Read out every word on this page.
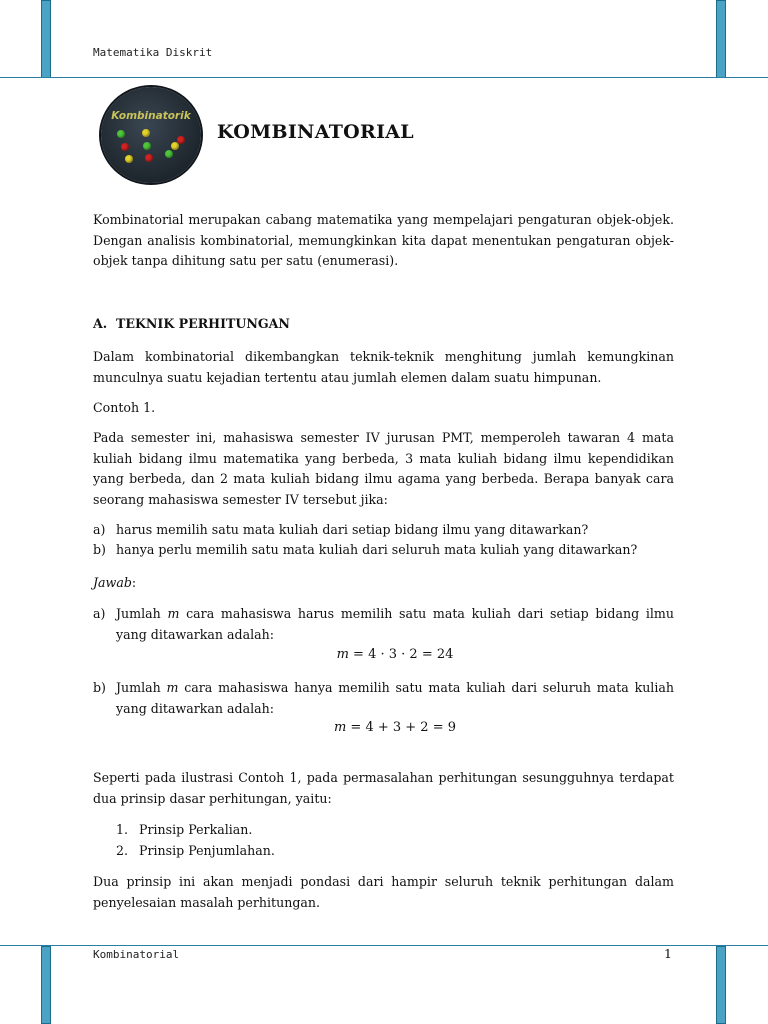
Matematika Diskrit
Kombinatorik
KOMBINATORIAL

Kombinatorial merupakan cabang matematika yang mempelajari pengaturan objek-objek. Dengan analisis kombinatorial, memungkinkan kita dapat menentukan pengaturan objek-objek tanpa dihitung satu per satu (enumerasi).

A. TEKNIK PERHITUNGAN

Dalam kombinatorial dikembangkan teknik-teknik menghitung jumlah kemungkinan munculnya suatu kejadian tertentu atau jumlah elemen dalam suatu himpunan.

Contoh 1.

Pada semester ini, mahasiswa semester IV jurusan PMT, memperoleh tawaran 4 mata kuliah bidang ilmu matematika yang berbeda, 3 mata kuliah bidang ilmu kependidikan yang berbeda, dan 2 mata kuliah bidang ilmu agama yang berbeda. Berapa banyak cara seorang mahasiswa semester IV tersebut jika:

a) harus memilih satu mata kuliah dari setiap bidang ilmu yang ditawarkan?
b) hanya perlu memilih satu mata kuliah dari seluruh mata kuliah yang ditawarkan?
Jawab:
a) Jumlah m cara mahasiswa harus memilih satu mata kuliah dari setiap bidang ilmu yang ditawarkan adalah:

m = 4 · 3 · 2 = 24
b) Jumlah m cara mahasiswa hanya memilih satu mata kuliah dari seluruh mata kuliah yang ditawarkan adalah:

m = 4 + 3 + 2 = 9

Seperti pada ilustrasi Contoh 1, pada permasalahan perhitungan sesungguhnya terdapat dua prinsip dasar perhitungan, yaitu:

1. Prinsip Perkalian.
2. Prinsip Penjumlahan.

Dua prinsip ini akan menjadi pondasi dari hampir seluruh teknik perhitungan dalam penyelesaian masalah perhitungan.

Kombinatorial	1
